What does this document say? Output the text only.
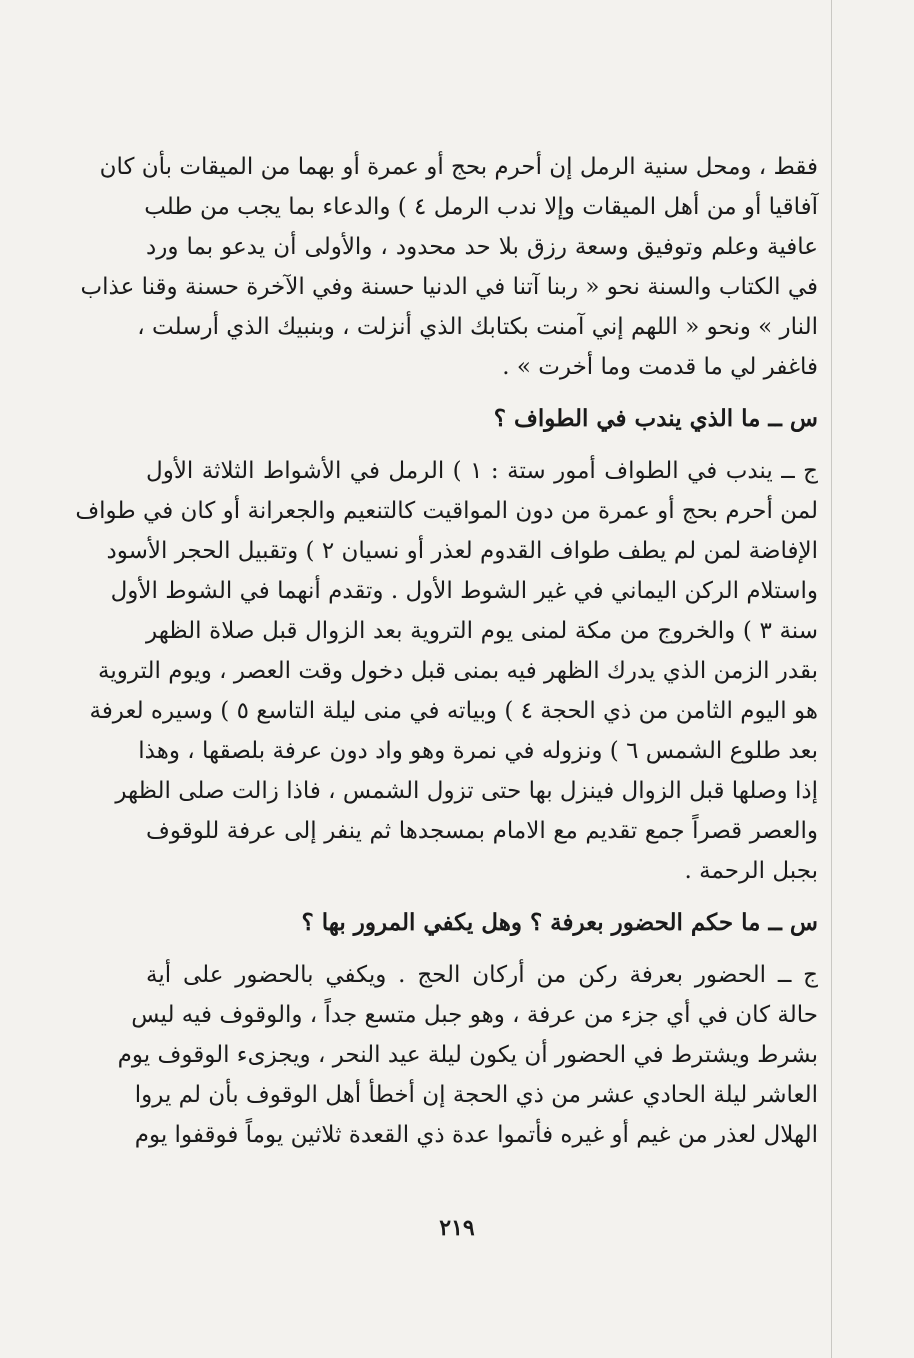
فقط ، ومحل سنية الرمل إن أحرم بحج أو عمرة أو بهما من الميقات بأن كان
آفاقيا أو من أهل الميقات وإلا ندب الرمل ٤ ) والدعاء بما يجب من طلب
عافية وعلم وتوفيق وسعة رزق بلا حد محدود ، والأولى أن يدعو بما ورد
في الكتاب والسنة نحو « ربنا آتنا في الدنيا حسنة وفي الآخرة حسنة وقنا عذاب
النار » ونحو « اللهم إني آمنت بكتابك الذي أنزلت ، وبنبيك الذي أرسلت ،
فاغفر لي ما قدمت وما أخرت » .
س ــ ما الذي يندب في الطواف ؟
ج ــ يندب في الطواف أمور ستة : ١ ) الرمل في الأشواط الثلاثة الأول
لمن أحرم بحج أو عمرة من دون المواقيت كالتنعيم والجعرانة أو كان في طواف
الإفاضة لمن لم يطف طواف القدوم لعذر أو نسيان ٢ ) وتقبيل الحجر الأسود
واستلام الركن اليماني في غير الشوط الأول . وتقدم أنهما في الشوط الأول
سنة ٣ ) والخروج من مكة لمنى يوم التروية بعد الزوال قبل صلاة الظهر
بقدر الزمن الذي يدرك الظهر فيه بمنى قبل دخول وقت العصر ، ويوم التروية
هو اليوم الثامن من ذي الحجة ٤ ) وبياته في منى ليلة التاسع ٥ ) وسيره لعرفة
بعد طلوع الشمس ٦ ) ونزوله في نمرة وهو واد دون عرفة بلصقها ، وهذا
إذا وصلها قبل الزوال فينزل بها حتى تزول الشمس ، فاذا زالت صلى الظهر
والعصر قصراً جمع تقديم مع الامام بمسجدها ثم ينفر إلى عرفة للوقوف
بجبل الرحمة .
س ــ ما حكم الحضور بعرفة ؟ وهل يكفي المرور بها ؟
ج ــ الحضور بعرفة ركن من أركان الحج . ويكفي بالحضور على أية
حالة كان في أي جزء من عرفة ، وهو جبل متسع جداً ، والوقوف فيه ليس
بشرط ويشترط في الحضور أن يكون ليلة عيد النحر ، ويجزىء الوقوف يوم
العاشر ليلة الحادي عشر من ذي الحجة إن أخطأ أهل الوقوف بأن لم يروا
الهلال لعذر من غيم أو غيره فأتموا عدة ذي القعدة ثلاثين يوماً فوقفوا يوم
٢١٩
